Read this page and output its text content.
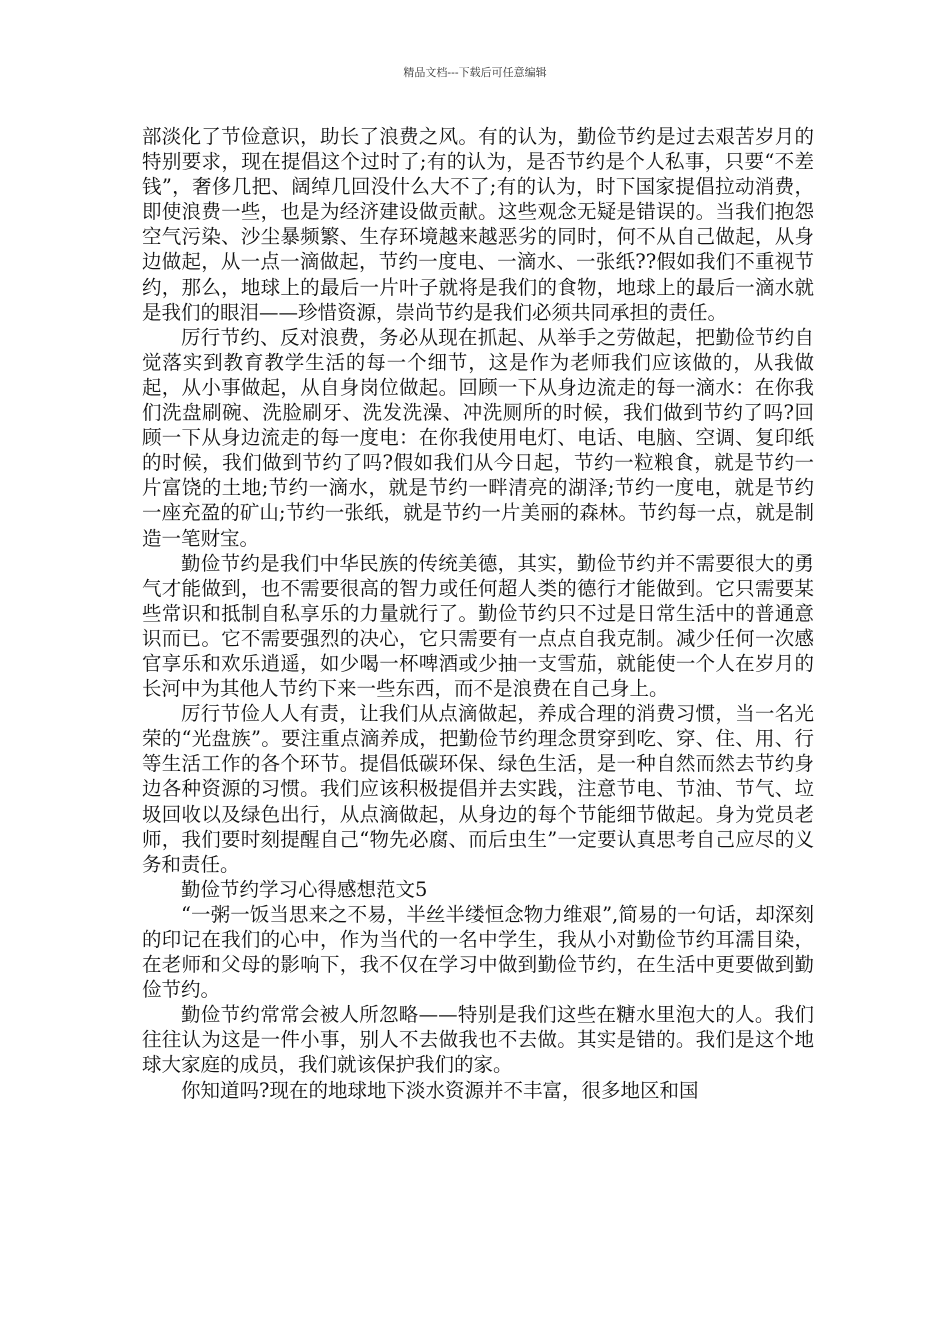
精品文档---下载后可任意编辑

部淡化了节俭意识，助长了浪费之风。有的认为，勤俭节约是过去艰苦岁月的特别要求，现在提倡这个过时了;有的认为，是否节约是个人私事，只要“不差钱”，奢侈几把、阔绰几回没什么大不了;有的认为，时下国家提倡拉动消费，即使浪费一些，也是为经济建设做贡献。这些观念无疑是错误的。当我们抱怨空气污染、沙尘暴频繁、生存环境越来越恶劣的同时，何不从自己做起，从身边做起，从一点一滴做起，节约一度电、一滴水、一张纸??假如我们不重视节约，那么，地球上的最后一片叶子就将是我们的食物，地球上的最后一滴水就是我们的眼泪——珍惜资源，崇尚节约是我们必须共同承担的责任。

厉行节约、反对浪费，务必从现在抓起、从举手之劳做起，把勤俭节约自觉落实到教育教学生活的每一个细节，这是作为老师我们应该做的，从我做起，从小事做起，从自身岗位做起。回顾一下从身边流走的每一滴水：在你我们洗盘刷碗、洗脸刷牙、洗发洗澡、冲洗厕所的时候，我们做到节约了吗?回顾一下从身边流走的每一度电：在你我使用电灯、电话、电脑、空调、复印纸的时候，我们做到节约了吗?假如我们从今日起，节约一粒粮食，就是节约一片富饶的土地;节约一滴水，就是节约一畔清亮的湖泽;节约一度电，就是节约一座充盈的矿山;节约一张纸，就是节约一片美丽的森林。节约每一点，就是制造一笔财宝。

勤俭节约是我们中华民族的传统美德，其实，勤俭节约并不需要很大的勇气才能做到，也不需要很高的智力或任何超人类的德行才能做到。它只需要某些常识和抵制自私享乐的力量就行了。勤俭节约只不过是日常生活中的普通意识而已。它不需要强烈的决心，它只需要有一点点自我克制。减少任何一次感官享乐和欢乐逍遥，如少喝一杯啤酒或少抽一支雪茄，就能使一个人在岁月的长河中为其他人节约下来一些东西，而不是浪费在自己身上。

厉行节俭人人有责，让我们从点滴做起，养成合理的消费习惯，当一名光荣的“光盘族”。要注重点滴养成，把勤俭节约理念贯穿到吃、穿、住、用、行等生活工作的各个环节。提倡低碳环保、绿色生活，是一种自然而然去节约身边各种资源的习惯。我们应该积极提倡并去实践，注意节电、节油、节气、垃圾回收以及绿色出行，从点滴做起，从身边的每个节能细节做起。身为党员老师，我们要时刻提醒自己“物先必腐、而后虫生”一定要认真思考自己应尽的义务和责任。

勤俭节约学习心得感想范文5

“一粥一饭当思来之不易，半丝半缕恒念物力维艰”,简易的一句话，却深刻的印记在我们的心中，作为当代的一名中学生，我从小对勤俭节约耳濡目染，在老师和父母的影响下，我不仅在学习中做到勤俭节约，在生活中更要做到勤俭节约。

勤俭节约常常会被人所忽略——特别是我们这些在糖水里泡大的人。我们往往认为这是一件小事，别人不去做我也不去做。其实是错的。我们是这个地球大家庭的成员，我们就该保护我们的家。

你知道吗?现在的地球地下淡水资源并不丰富，很多地区和国
